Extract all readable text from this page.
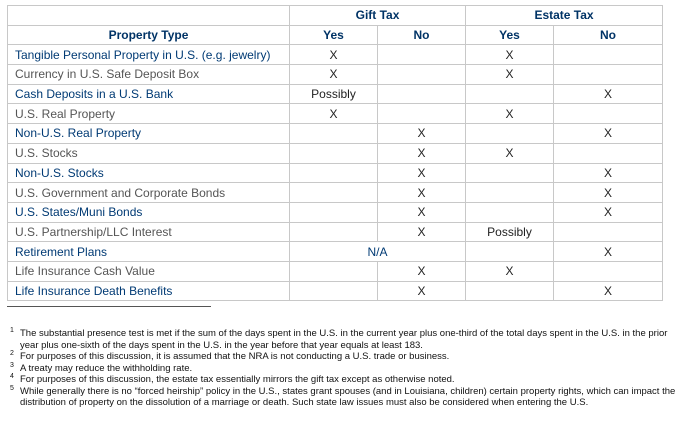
	Gift Tax		Estate Tax	
Property Type	Yes	No	Yes	No
Tangible Personal Property in U.S. (e.g. jewelry)	X		X	
Currency in U.S. Safe Deposit Box	X		X	
Cash Deposits in a U.S. Bank	Possibly			X
U.S. Real Property	X		X	
Non-U.S. Real Property		X		X
U.S. Stocks		X	X	
Non-U.S. Stocks		X		X
U.S. Government and Corporate Bonds		X		X
U.S. States/Muni Bonds		X		X
U.S. Partnership/LLC Interest		X	Possibly	
Retirement Plans	N/A			X
Life Insurance Cash Value		X	X	
Life Insurance Death Benefits		X		X
1 The substantial presence test is met if the sum of the days spent in the U.S. in the current year plus one-third of the total days spent in the U.S. in the prior year plus one-sixth of the days spent in the U.S. in the year before that year equals at least 183.
2 For purposes of this discussion, it is assumed that the NRA is not conducting a U.S. trade or business.
3 A treaty may reduce the withholding rate.
4 For purposes of this discussion, the estate tax essentially mirrors the gift tax except as otherwise noted.
5 While generally there is no “forced heirship” policy in the U.S., states grant spouses (and in Louisiana, children) certain property rights, which can impact the distribution of property on the dissolution of a marriage or death. Such state law issues must also be considered when entering the U.S.
